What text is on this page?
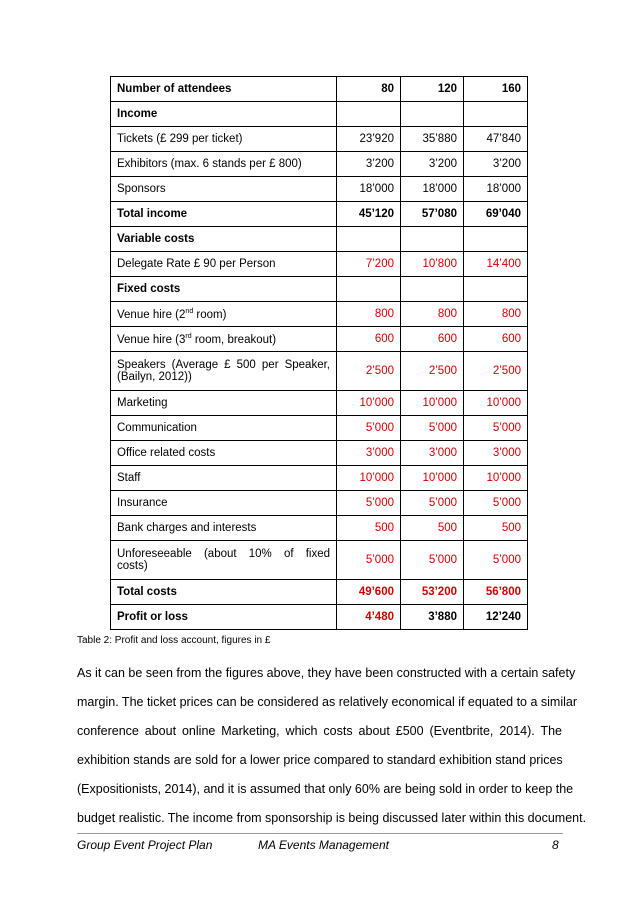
Number of attendees	80	120	160
Income			
Tickets (£ 299 per ticket)	23’920	35’880	47’840
Exhibitors (max. 6 stands per £ 800)	3’200	3’200	3’200
Sponsors	18’000	18’000	18’000
Total income	45’120	57’080	69’040
Variable costs			
Delegate Rate £ 90 per Person	7’200	10’800	14’400
Fixed costs			
Venue hire (2nd room)	800	800	800
Venue hire (3rd room, breakout)	600	600	600

Speakers (Average £ 500 per Speaker,
(Bailyn, 2012))	2’500	2’500	2’500
Marketing	10’000	10’000	10’000
Communication	5’000	5’000	5’000
Office related costs	3’000	3’000	3’000
Staff	10’000	10’000	10’000
Insurance	5’000	5’000	5’000
Bank charges and interests	500	500	500

Unforeseeable (about 10% of fixed
costs)	5’000	5’000	5’000
Total costs	49’600	53’200	56’800
Profit or loss	4’480	3’880	12’240
Table 2: Profit and loss account, figures in £
As it can be seen from the figures above, they have been constructed with a certain safety
margin. The ticket prices can be considered as relatively economical if equated to a similar
conference about online Marketing, which costs about £500 (Eventbrite, 2014). The
exhibition stands are sold for a lower price compared to standard exhibition stand prices
(Expositionists, 2014), and it is assumed that only 60% are being sold in order to keep the
budget realistic. The income from sponsorship is being discussed later within this document.
Group Event Project Plan	MA Events Management	8
